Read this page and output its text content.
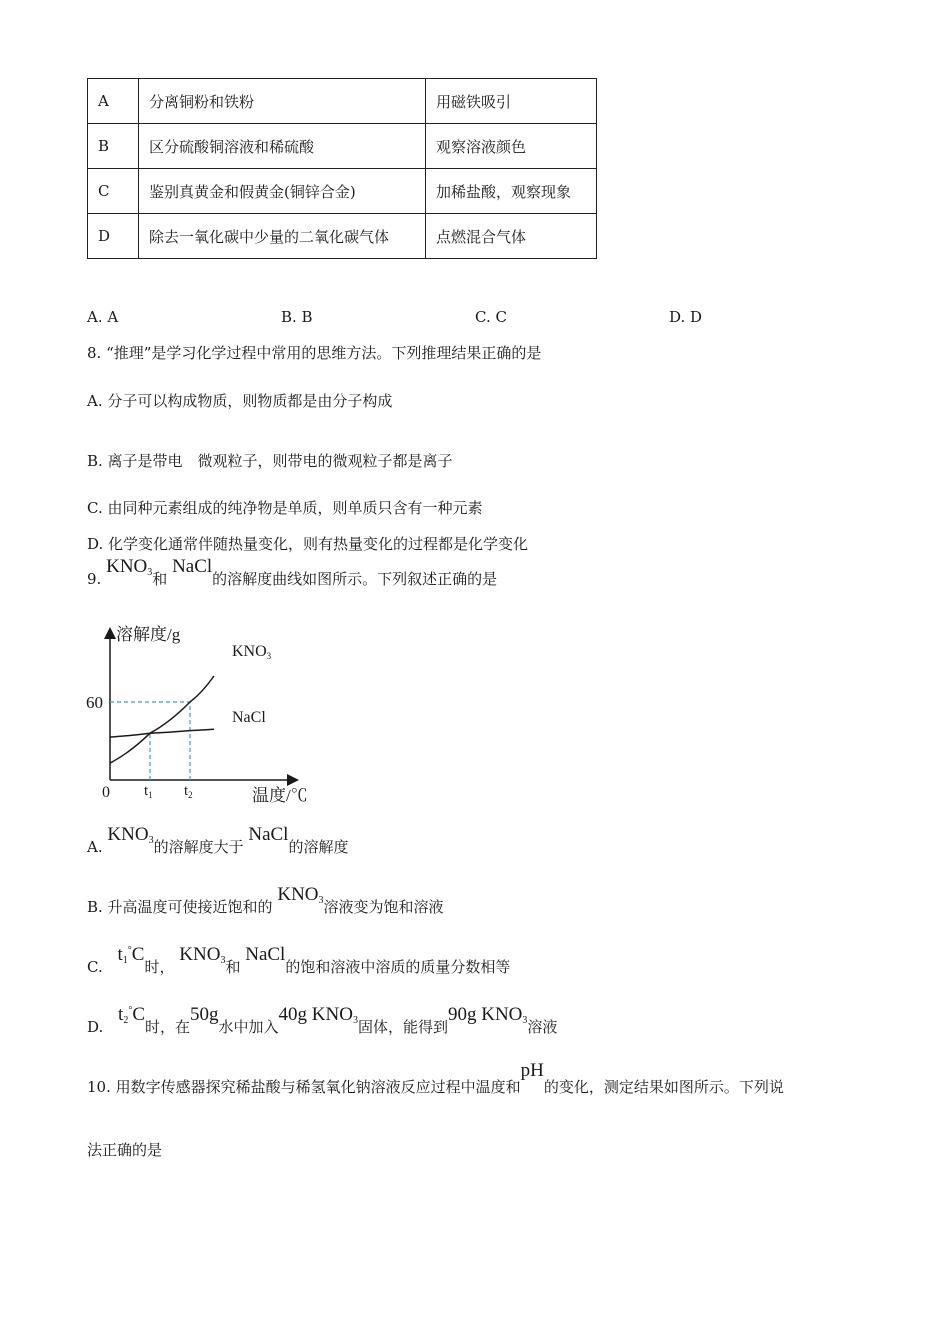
A	分离铜粉和铁粉	用磁铁吸引
B	区分硫酸铜溶液和稀硫酸	观察溶液颜色
C	鉴别真黄金和假黄金(铜锌合金)	加稀盐酸，观察现象
D	除去一氧化碳中少量的二氧化碳气体	点燃混合气体
A. A	B. B	C. C	D. D
8. “推理”是学习化学过程中常用的思维方法。下列推理结果正确的是
A. 分子可以构成物质，则物质都是由分子构成
B. 离子是带电　微观粒子，则带电的微观粒子都是离子
C. 由同种元素组成的纯净物是单质，则单质只含有一种元素
D. 化学变化通常伴随热量变化，则有热量变化的过程都是化学变化
9. KNO3和 NaCl的溶解度曲线如图所示。下列叙述正确的是
溶解度/g
温度/℃
0
60
$t_1$ $t_2$
KNO3
NaCl
A. KNO3的溶解度大于 NaCl的溶解度
B. 升高温度可使接近饱和的 KNO3溶液变为饱和溶液
C. t1°C时， KNO3和 NaCl的饱和溶液中溶质的质量分数相等
D. t2°C时，在50g水中加入40g KNO3固体，能得到90g KNO3溶液
10. 用数字传感器探究稀盐酸与稀氢氧化钠溶液反应过程中温度和pH的变化，测定结果如图所示。下列说
法正确的是
